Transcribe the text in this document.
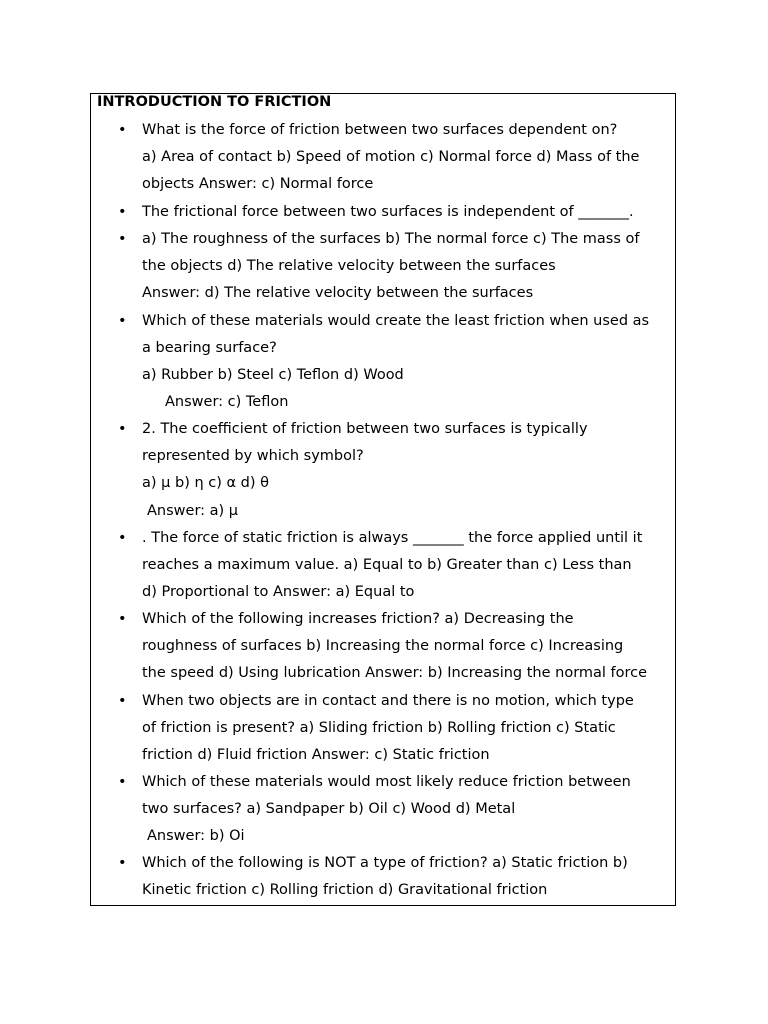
INTRODUCTION TO FRICTION
•
•
•
•
•
•
•
•
•
•
What is the force of friction between two surfaces dependent on?
a) Area of contact b) Speed of motion c) Normal force d) Mass of the
objects Answer: c) Normal force
The frictional force between two surfaces is independent of _______.
a) The roughness of the surfaces b) The normal force c) The mass of
the objects d) The relative velocity between the surfaces
Answer: d) The relative velocity between the surfaces
Which of these materials would create the least friction when used as
a bearing surface?
a) Rubber b) Steel c) Teflon d) Wood
Answer: c) Teflon
2. The coefficient of friction between two surfaces is typically
represented by which symbol?
a) μ b) η c) α d) θ
Answer: a) μ
. The force of static friction is always _______ the force applied until it
reaches a maximum value. a) Equal to b) Greater than c) Less than
d) Proportional to Answer: a) Equal to
Which of the following increases friction? a) Decreasing the
roughness of surfaces b) Increasing the normal force c) Increasing
the speed d) Using lubrication Answer: b) Increasing the normal force
When two objects are in contact and there is no motion, which type
of friction is present? a) Sliding friction b) Rolling friction c) Static
friction d) Fluid friction Answer: c) Static friction
Which of these materials would most likely reduce friction between
two surfaces? a) Sandpaper b) Oil c) Wood d) Metal
Answer: b) Oi
Which of the following is NOT a type of friction? a) Static friction b)
Kinetic friction c) Rolling friction d) Gravitational friction
